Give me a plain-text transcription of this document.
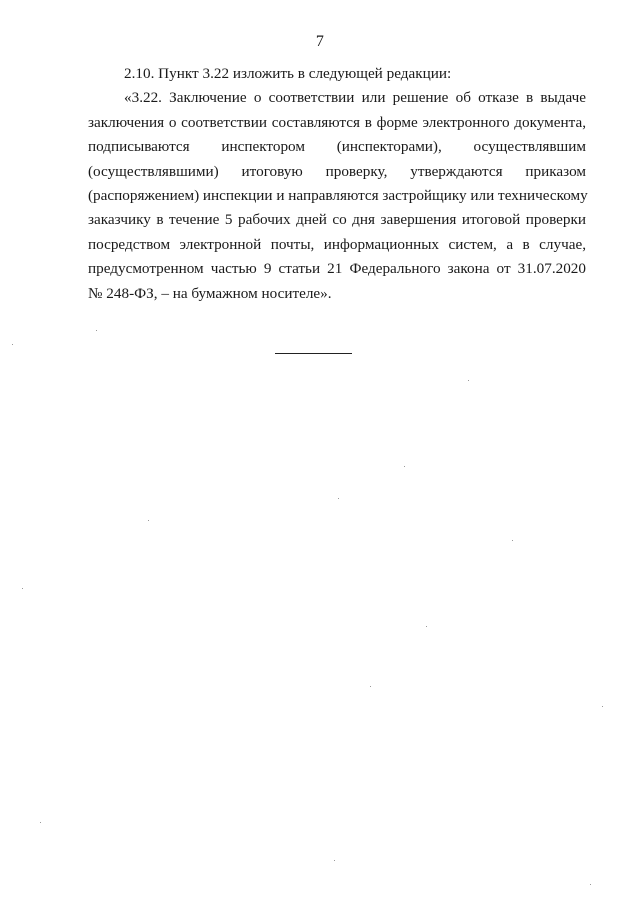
7

2.10. Пункт 3.22 изложить в следующей редакции:

«3.22. Заключение о соответствии или решение об отказе в выдаче
заключения о соответствии составляются в форме электронного документа,
подписываются инспектором (инспекторами), осуществлявшим
(осуществлявшими) итоговую проверку, утверждаются приказом
(распоряжением) инспекции и направляются застройщику или техническому
заказчику в течение 5 рабочих дней со дня завершения итоговой проверки
посредством электронной почты, информационных систем, а в случае,
предусмотренном частью 9 статьи 21 Федерального закона от 31.07.2020
№ 248-ФЗ, – на бумажном носителе».
